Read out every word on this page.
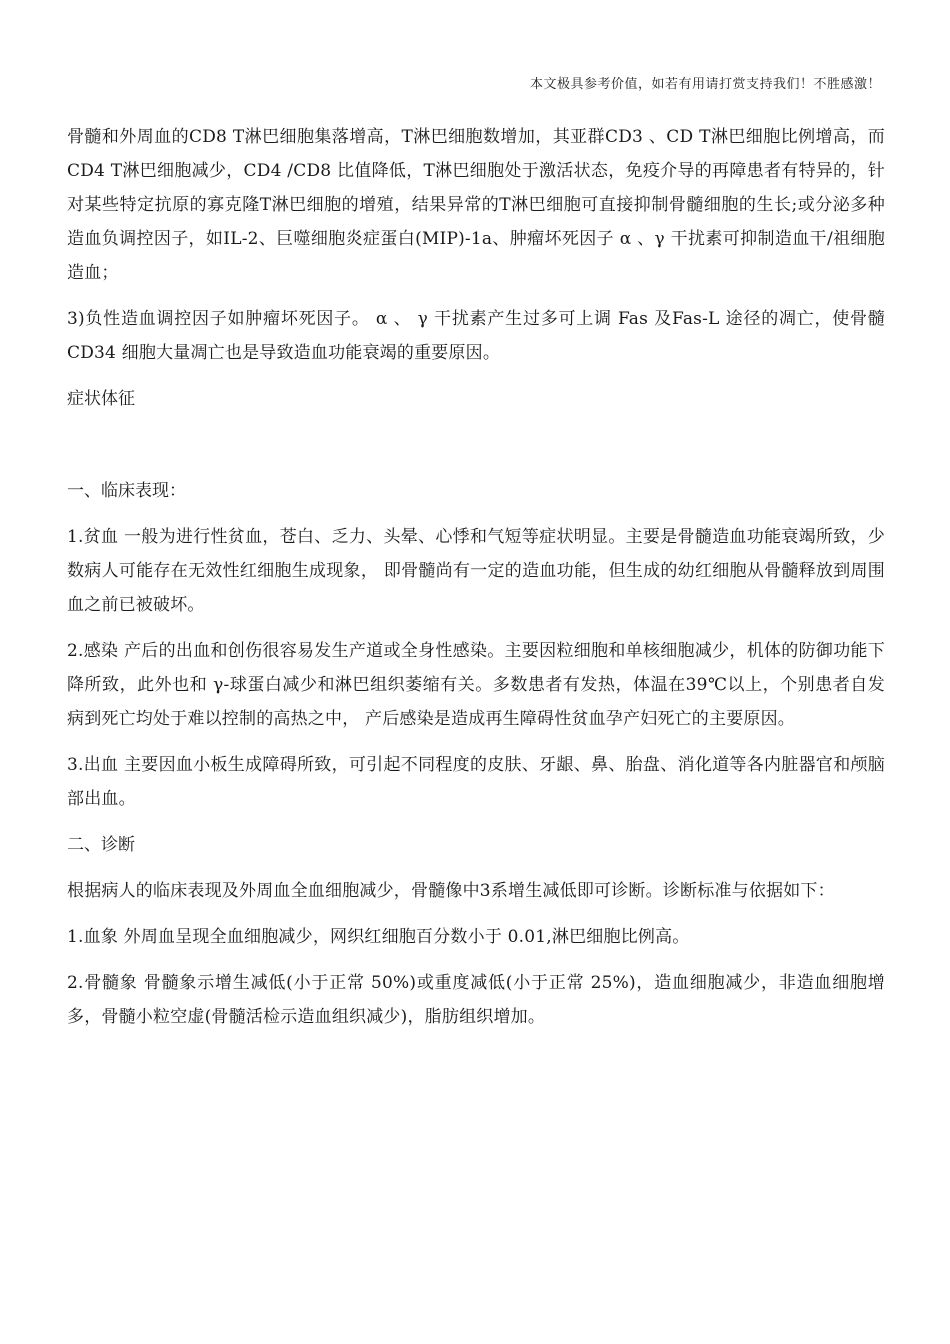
本文极具参考价值，如若有用请打赏支持我们！不胜感激！

骨髓和外周血的CD8 T淋巴细胞集落增高，T淋巴细胞数增加，其亚群CD3 、CD T淋巴细胞比例增高，而CD4 T淋巴细胞减少，CD4 /CD8 比值降低，T淋巴细胞处于激活状态，免疫介导的再障患者有特异的，针对某些特定抗原的寡克隆T淋巴细胞的增殖，结果异常的T淋巴细胞可直接抑制骨髓细胞的生长;或分泌多种造血负调控因子，如IL-2、巨噬细胞炎症蛋白(MIP)-1a、肿瘤坏死因子 α 、γ 干扰素可抑制造血干/祖细胞造血；

3)负性造血调控因子如肿瘤坏死因子。 α 、 γ 干扰素产生过多可上调 Fas 及Fas-L 途径的凋亡，使骨髓CD34 细胞大量凋亡也是导致造血功能衰竭的重要原因。

症状体征

一、临床表现：

1.贫血 一般为进行性贫血，苍白、乏力、头晕、心悸和气短等症状明显。主要是骨髓造血功能衰竭所致，少数病人可能存在无效性红细胞生成现象， 即骨髓尚有一定的造血功能，但生成的幼红细胞从骨髓释放到周围血之前已被破坏。

2.感染 产后的出血和创伤很容易发生产道或全身性感染。主要因粒细胞和单核细胞减少，机体的防御功能下降所致，此外也和 γ-球蛋白减少和淋巴组织萎缩有关。多数患者有发热，体温在39℃以上，个别患者自发病到死亡均处于难以控制的高热之中， 产后感染是造成再生障碍性贫血孕产妇死亡的主要原因。

3.出血 主要因血小板生成障碍所致，可引起不同程度的皮肤、牙龈、鼻、胎盘、消化道等各内脏器官和颅脑部出血。

二、诊断

根据病人的临床表现及外周血全血细胞减少，骨髓像中3系增生减低即可诊断。诊断标准与依据如下：

1.血象 外周血呈现全血细胞减少，网织红细胞百分数小于 0.01,淋巴细胞比例高。

2.骨髓象 骨髓象示增生减低(小于正常 50%)或重度减低(小于正常 25%)，造血细胞减少，非造血细胞增多，骨髓小粒空虚(骨髓活检示造血组织减少)，脂肪组织增加。
